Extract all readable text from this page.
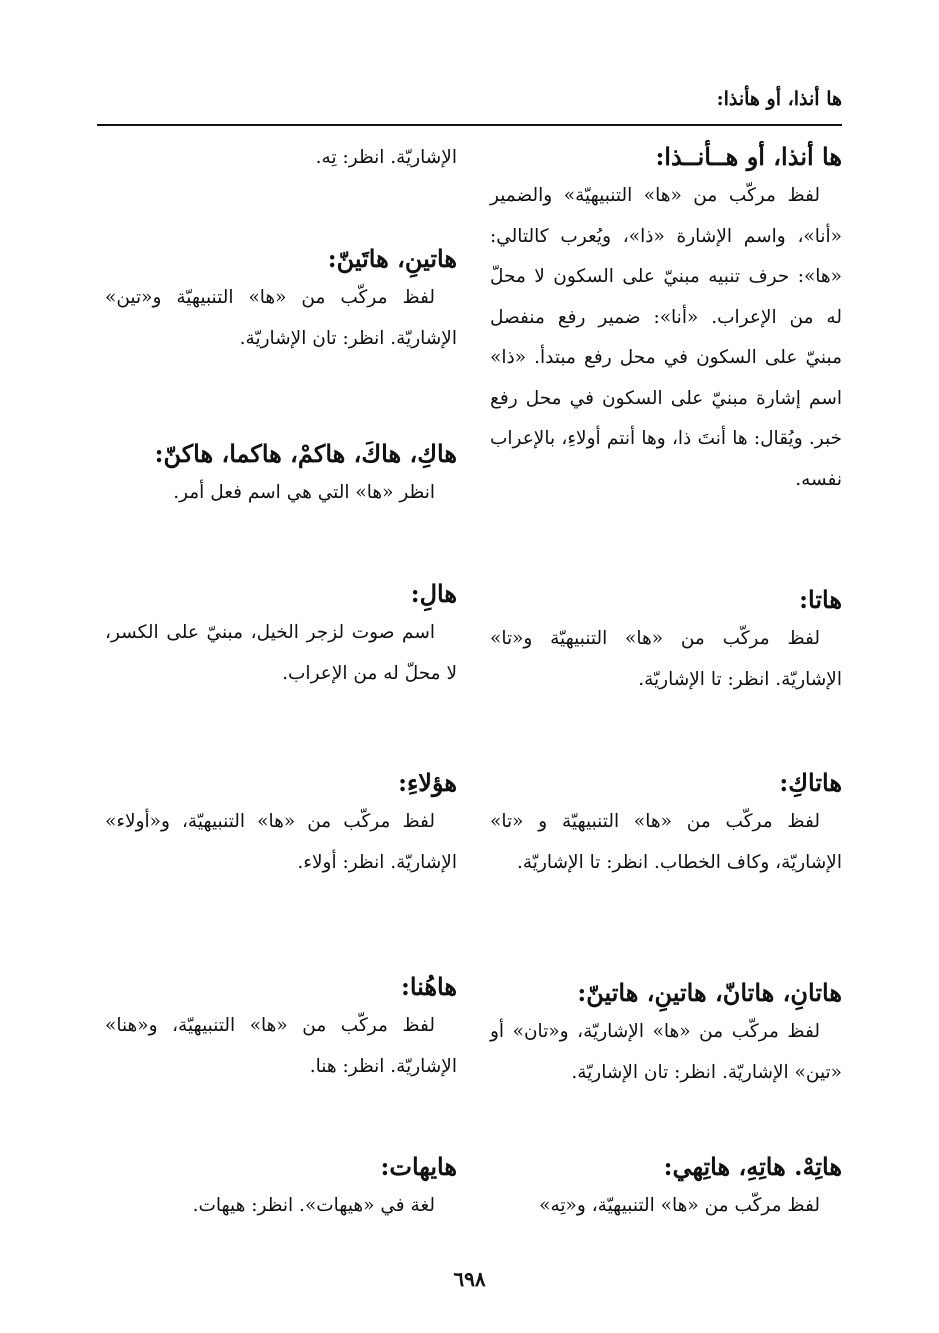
ها أنذا، أو هأنذا:

ها أنذا، أو هــأنــذا:

لفظ مركّب من «ها» التنبيهيّة» والضمير «أنا»، واسم الإشارة «ذا»، ويُعرب كالتالي: «ها»: حرف تنبيه مبنيّ على السكون لا محلّ له من الإعراب. «أنا»: ضمير رفع منفصل مبنيّ على السكون في محل رفع مبتدأ. «ذا» اسم إشارة مبنيّ على السكون في محل رفع خبر. ويُقال: ها أنتَ ذا، وها أنتم أولاءِ، بالإعراب نفسه.

هاتا:

لفظ مركّب من «ها» التنبيهيّة و«تا» الإشاريّة. انظر: تا الإشاريّة.

هاتاكِ:

لفظ مركّب من «ها» التنبيهيّة و «تا» الإشاريّة، وكاف الخطاب. انظر: تا الإشاريّة.

هاتانِ، هاتانّ، هاتينِ، هاتينّ:

لفظ مركّب من «ها» الإشاريّة، و«تان» أو «تين» الإشاريّة. انظر: تان الإشاريّة.

هاتِهْ. هاتِهِ، هاتِهي:

لفظ مركّب من «ها» التنبيهيّة، و«تِه»

الإشاريّة. انظر: تِه.

هاتينِ، هاتَينّ:

لفظ مركّب من «ها» التنبيهيّة و«تين» الإشاريّة. انظر: تان الإشاريّة.

هاكِ، هاكَ، هاكمْ، هاكما، هاكنّ:

انظر «ها» التي هي اسم فعل أمر.

هالِ:

اسم صوت لزجر الخيل، مبنيّ على الكسر، لا محلّ له من الإعراب.

هؤلاءِ:

لفظ مركّب من «ها» التنبيهيّة، و«أولاء» الإشاريّة. انظر: أولاء.

هاهُنا:

لفظ مركّب من «ها» التنبيهيّة، و«هنا» الإشاريّة. انظر: هنا.

هايهات:

لغة في «هيهات». انظر: هيهات.

٦٩٨
